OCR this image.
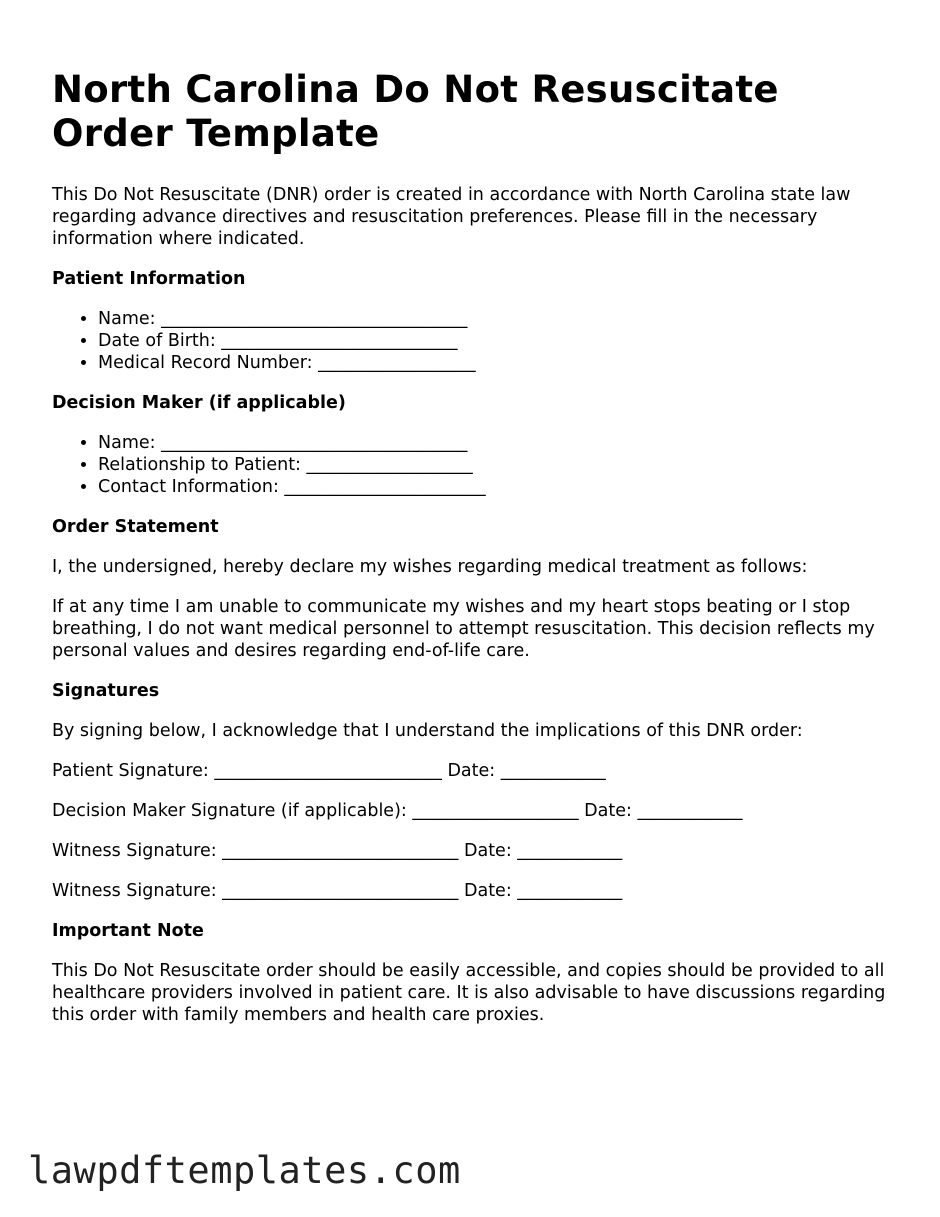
North Carolina Do Not Resuscitate Order Template

This Do Not Resuscitate (DNR) order is created in accordance with North Carolina state law regarding advance directives and resuscitation preferences. Please fill in the necessary information where indicated.

Patient Information
• Name: ___________________________________
• Date of Birth: ___________________________
• Medical Record Number: __________________
Decision Maker (if applicable)
• Name: ___________________________________
• Relationship to Patient: ___________________
• Contact Information: _______________________
Order Statement

I, the undersigned, hereby declare my wishes regarding medical treatment as follows:

If at any time I am unable to communicate my wishes and my heart stops beating or I stop breathing, I do not want medical personnel to attempt resuscitation. This decision reflects my personal values and desires regarding end-of-life care.

Signatures

By signing below, I acknowledge that I understand the implications of this DNR order:

Patient Signature: __________________________ Date: ____________

Decision Maker Signature (if applicable): ___________________ Date: ____________

Witness Signature: ___________________________ Date: ____________

Witness Signature: ___________________________ Date: ____________

Important Note

This Do Not Resuscitate order should be easily accessible, and copies should be provided to all healthcare providers involved in patient care. It is also advisable to have discussions regarding this order with family members and health care proxies.

lawpdftemplates.com
